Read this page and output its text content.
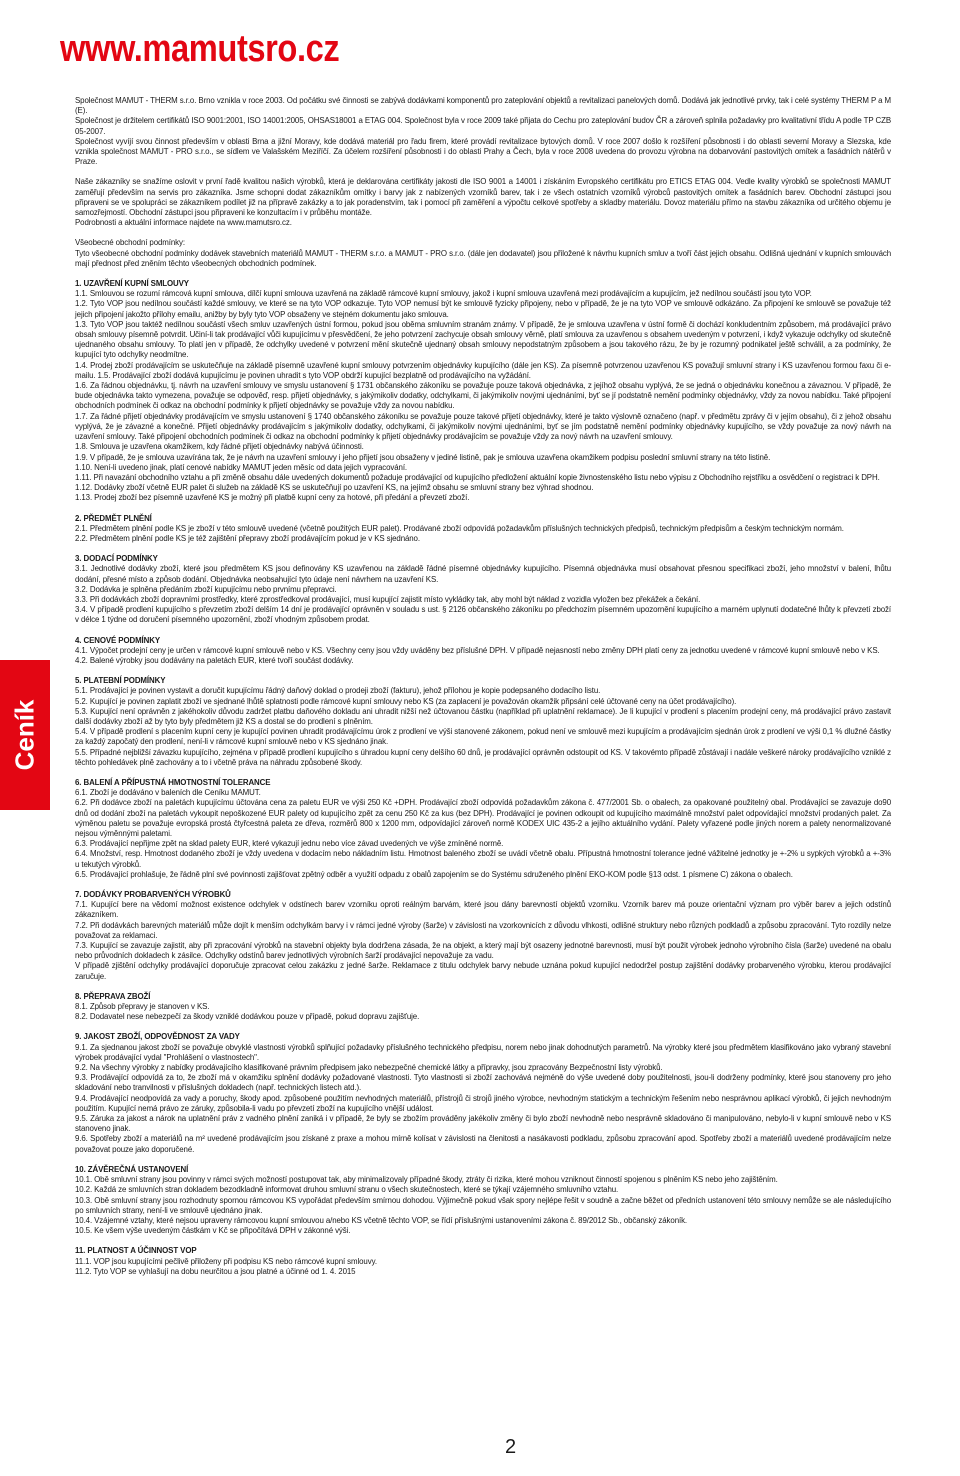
www.mamutsro.cz
Ceník

Společnost MAMUT - THERM s.r.o. Brno vznikla v roce 2003. Od počátku své činnosti se zabývá dodávkami komponentů pro zateplování objektů a revitalizaci panelových domů. Dodává jak jednotlivé prvky, tak i celé systémy THERM P a M (E).

Společnost je držitelem certifikátů ISO 9001:2001, ISO 14001:2005, OHSAS18001 a ETAG 004. Společnost byla v roce 2009 také přijata do Cechu pro zateplování budov ČR a zároveň splnila požadavky pro kvalitativní třídu A podle TP CZB 05-2007.

Společnost vyvíjí svou činnost především v oblasti Brna a jižní Moravy, kde dodává materiál pro řadu firem, které provádí revitalizace bytových domů. V roce 2007 došlo k rozšíření působnosti i do oblasti severní Moravy a Slezska, kde vznikla společnost MAMUT - PRO s.r.o., se sídlem ve Valašském Meziříčí. Za účelem rozšíření působnosti i do oblasti Prahy a Čech, byla v roce 2008 uvedena do provozu výrobna na dobarvování pastovitých omítek a fasádních nátěrů v Praze.

Naše zákazníky se snažíme oslovit v první řadě kvalitou našich výrobků, která je deklarována certifikáty jakosti dle ISO 9001 a 14001 i získáním Evropského certifikátu pro ETICS ETAG 004. Vedle kvality výrobků se společnosti MAMUT zaměřují především na servis pro zákazníka. Jsme schopni dodat zákazníkům omítky i barvy jak z nabízených vzorníků barev, tak i ze všech ostatních vzorníků výrobců pastovitých omítek a fasádních barev. Obchodní zástupci jsou připraveni se ve spolupráci se zákazníkem podílet již na přípravě zakázky a to jak poradenstvím, tak i pomocí při zaměření a výpočtu celkové spotřeby a skladby materiálu. Dovoz materiálu přímo na stavbu zákazníka od určitého objemu je samozřejmostí. Obchodní zástupci jsou připraveni ke konzultacím i v průběhu montáže.

Podrobnosti a aktuální informace najdete na www.mamutsro.cz.

Všeobecné obchodní podmínky:

Tyto všeobecné obchodní podmínky dodávek stavebních materiálů MAMUT - THERM s.r.o. a MAMUT - PRO s.r.o. (dále jen dodavatel) jsou přiložené k návrhu kupních smluv a tvoří část jejich obsahu. Odlišná ujednání v kupních smlouvách mají přednost před zněním těchto všeobecných obchodních podmínek.

1. UZAVŘENÍ KUPNÍ SMLOUVY

1.1. Smlouvou se rozumí rámcová kupní smlouva, dílčí kupní smlouva uzavřená na základě rámcové kupní smlouvy, jakož i kupní smlouva uzavřená mezi prodávajícím a kupujícím, jež nedílnou součástí jsou tyto VOP.

1.2. Tyto VOP jsou nedílnou součástí každé smlouvy, ve které se na tyto VOP odkazuje. Tyto VOP nemusí být ke smlouvě fyzicky připojeny, nebo v případě, že je na tyto VOP ve smlouvě odkázáno. Za připojení ke smlouvě se považuje též jejich připojení jakožto přílohy emailu, anižby by byly tyto VOP obsaženy ve stejném dokumentu jako smlouva.

1.3. Tyto VOP jsou taktéž nedílnou součástí všech smluv uzavřených ústní formou, pokud jsou oběma smluvním stranám známy. V případě, že je smlouva uzavřena v ústní formě či dochází konkludentním způsobem, má prodávající právo obsah smlouvy písemně potvrdit. Učiní-li tak prodávající vůči kupujícímu v přesvědčení, že jeho potvrzení zachycuje obsah smlouvy věrně, platí smlouva za uzavřenou s obsahem uvedeným v potvrzení, i když vykazuje odchylky od skutečně ujednaného obsahu smlouvy. To platí jen v případě, že odchylky uvedené v potvrzení mění skutečně ujednaný obsah smlouvy nepodstatným způsobem a jsou takového rázu, že by je rozumný podnikatel ještě schválil, a za podmínky, že kupující tyto odchylky neodmítne.

1.4. Prodej zboží prodávajícím se uskutečňuje na základě písemně uzavřené kupní smlouvy potvrzením objednávky kupujícího (dále jen KS). Za písemně potvrzenou uzavřenou KS považují smluvní strany i KS uzavřenou formou faxu či e-mailu. 1.5. Prodávající zboží dodává kupujícímu je povinen uhradit s tyto VOP obdrží kupující bezplatně od prodávajícího na vyžádání.

1.6. Za řádnou objednávku, tj. návrh na uzavření smlouvy ve smyslu ustanovení § 1731 občanského zákoníku se považuje pouze taková objednávka, z jejíhož obsahu vyplývá, že se jedná o objednávku konečnou a závaznou. V případě, že bude objednávka takto vymezena, považuje se odpověď, resp. přijetí objednávky, s jakýmikoliv dodatky, odchylkami, či jakýmikoliv novými ujednáními, byť se jí podstatně nemění podmínky objednávky, vždy za novou nabídku. Také připojení obchodních podmínek či odkaz na obchodní podmínky k přijetí objednávky se považuje vždy za novou nabídku.

1.7. Za řádné přijetí objednávky prodávajícím ve smyslu ustanovení § 1740 občanského zákoníku se považuje pouze takové přijetí objednávky, které je takto výslovně označeno (např. v předmětu zprávy či v jejím obsahu), či z jehož obsahu vyplývá, že je závazné a konečné. Přijetí objednávky prodávajícím s jakýmikoliv dodatky, odchylkami, či jakýmikoliv novými ujednáními, byť se jím podstatně nemění podmínky objednávky kupujícího, se vždy považuje za nový návrh na uzavření smlouvy. Také připojení obchodních podmínek či odkaz na obchodní podmínky k přijetí objednávky prodávajícím se považuje vždy za nový návrh na uzavření smlouvy.

1.8. Smlouva je uzavřena okamžikem, kdy řádné přijetí objednávky nabývá účinnosti.

1.9. V případě, že je smlouva uzavírána tak, že je návrh na uzavření smlouvy i jeho přijetí jsou obsaženy v jediné listině, pak je smlouva uzavřena okamžikem podpisu poslední smluvní strany na této listině.

1.10. Není-li uvedeno jinak, platí cenové nabídky MAMUT jeden měsíc od data jejich vypracování.

1.11. Při navazání obchodního vztahu a při změně obsahu dále uvedených dokumentů požaduje prodávající od kupujícího předložení aktuální kopie živnostenského listu nebo výpisu z Obchodního rejstříku a osvědčení o registraci k DPH.

1.12. Dodávky zboží včetně EUR palet či služeb na základě KS se uskutečňují po uzavření KS, na jejímž obsahu se smluvní strany bez výhrad shodnou.

1.13. Prodej zboží bez písemně uzavřené KS je možný při platbě kupní ceny za hotové, při předání a převzetí zboží.

2. PŘEDMĚT PLNĚNÍ

2.1. Předmětem plnění podle KS je zboží v této smlouvě uvedené (včetně použitých EUR palet). Prodávané zboží odpovídá požadavkům příslušných technických předpisů, technickým předpisům a českým technickým normám.

2.2. Předmětem plnění podle KS je též zajištění přepravy zboží prodávajícím pokud je v KS sjednáno.

3. DODACÍ PODMÍNKY

3.1. Jednotlivé dodávky zboží, které jsou předmětem KS jsou definovány KS uzavřenou na základě řádné písemné objednávky kupujícího. Písemná objednávka musí obsahovat přesnou specifikaci zboží, jeho množství v balení, lhůtu dodání, přesné místo a způsob dodání. Objednávka neobsahující tyto údaje není návrhem na uzavření KS.

3.2. Dodávka je splněna předáním zboží kupujícímu nebo prvnímu přepravci.

3.3. Při dodávkách zboží dopravními prostředky, které zprostředkoval prodávající, musí kupující zajistit místo vykládky tak, aby mohl být náklad z vozidla vyložen bez překážek a čekání.

3.4. V případě prodlení kupujícího s převzetím zboží delším 14 dní je prodávající oprávněn v souladu s ust. § 2126 občanského zákoníku po předchozím písemném upozornění kupujícího a marném uplynutí dodatečné lhůty k převzetí zboží v délce 1 týdne od doručení písemného upozornění, zboží vhodným způsobem prodat.

4. CENOVÉ PODMÍNKY

4.1. Výpočet prodejní ceny je určen v rámcové kupní smlouvě nebo v KS. Všechny ceny jsou vždy uváděny bez příslušné DPH. V případě nejasností nebo změny DPH platí ceny za jednotku uvedené v rámcové kupní smlouvě nebo v KS.

4.2. Balené výrobky jsou dodávány na paletách EUR, které tvoří součást dodávky.

5. PLATEBNÍ PODMÍNKY

5.1. Prodávající je povinen vystavit a doručit kupujícímu řádný daňový doklad o prodeji zboží (fakturu), jehož přílohou je kopie podepsaného dodacího listu.

5.2. Kupující je povinen zaplatit zboží ve sjednané lhůtě splatnosti podle rámcové kupní smlouvy nebo KS (za zaplacení je považován okamžik připsání celé účtované ceny na účet prodávajícího).

5.3. Kupující není oprávněn z jakéhokoliv důvodu zadržet platbu daňového dokladu ani uhradit nižší než účtovanou částku (například při uplatnění reklamace). Je li kupující v prodlení s placením prodejní ceny, má prodávající právo zastavit další dodávky zboží až by tyto byly předmětem již KS a dostal se do prodlení s plněním.

5.4. V případě prodlení s placením kupní ceny je kupující povinen uhradit prodávajícímu úrok z prodlení ve výši stanovené zákonem, pokud není ve smlouvě mezi kupujícím a prodávajícím sjednán úrok z prodlení ve výši 0,1 % dlužné částky za každý započatý den prodlení, není-li v rámcové kupní smlouvě nebo v KS sjednáno jinak.

5.5. Případné nejbližší závazku kupujícího, zejména v případě prodlení kupujícího s úhradou kupní ceny delšího 60 dnů, je prodávající oprávněn odstoupit od KS. V takovémto případě zůstávají i nadále veškeré nároky prodávajícího vzniklé z těchto pohledávek plně zachovány a to i včetně práva na náhradu způsobené škody.

6. BALENÍ A PŘÍPUSTNÁ HMOTNOSTNÍ TOLERANCE

6.1. Zboží je dodáváno v baleních dle Ceníku MAMUT.

6.2. Při dodávce zboží na paletách kupujícímu účtována cena za paletu EUR ve výši 250 Kč +DPH. Prodávající zboží odpovídá požadavkům zákona č. 477/2001 Sb. o obalech, za opakované použitelný obal. Prodávající se zavazuje do90 dnů od dodání zboží na paletách vykoupit nepoškozené EUR palety od kupujícího zpět za cenu 250 Kč za kus (bez DPH). Prodávající je povinen odkoupit od kupujícího maximálně množství palet odpovídající množství prodaných palet. Za výměnou paletu se považuje evropská prostá čtyřcestná paleta ze dřeva, rozměrů 800 x 1200 mm, odpovídající zároveň normě KODEX UIC 435-2 a jejího aktuálního vydání. Palety vyřazené podle jiných norem a palety nenormalizované nejsou výměnnými paletami.

6.3. Prodávající nepřijme zpět na sklad palety EUR, které vykazují jednu nebo více závad uvedených ve výše zmíněné normě.

6.4. Množství, resp. Hmotnost dodaného zboží je vždy uvedena v dodacím nebo nákladním listu. Hmotnost baleného zboží se uvádí včetně obalu. Přípustná hmotnostní tolerance jedné vážitelné jednotky je +-2% u sypkých výrobků a +-3% u tekutých výrobků.

6.5. Prodávající prohlašuje, že řádně plní své povinnosti zajišťovat zpětný odběr a využití odpadu z obalů zapojením se do Systému sdruženého plnění EKO-KOM podle §13 odst. 1 písmene C) zákona o obalech.

7. DODÁVKY PROBARVENÝCH VÝROBKŮ

7.1. Kupující bere na vědomí možnost existence odchylek v odstínech barev vzorníku oproti reálným barvám, které jsou dány barevností objektů vzorníku. Vzorník barev má pouze orientační význam pro výběr barev a jejich odstínů zákazníkem.

7.2. Při dodávkách barevných materiálů může dojít k menším odchylkám barvy i v rámci jedné výroby (šarže) v závislosti na vzorkovnicích z důvodu vlhkosti, odlišné struktury nebo různých podkladů a způsobu zpracování. Tyto rozdíly nelze považovat za reklamaci.

7.3. Kupující se zavazuje zajistit, aby při zpracování výrobků na stavební objekty byla dodržena zásada, že na objekt, a který mají být osazeny jednotné barevnosti, musí být použit výrobek jednoho výrobního čísla (šarže) uvedené na obalu nebo průvodních dokladech k zásilce. Odchylky odstínů barev jednotlivých výrobních šarží prodávající nepovažuje za vadu.

V případě zjištění odchylky prodávající doporučuje zpracovat celou zakázku z jedné šarže. Reklamace z titulu odchylek barvy nebude uznána pokud kupující nedodržel postup zajištění dodávky probarveného výrobku, kterou prodávající zaručuje.

8. PŘEPRAVA ZBOŽÍ

8.1. Způsob přepravy je stanoven v KS.

8.2. Dodavatel nese nebezpečí za škody vzniklé dodávkou pouze v případě, pokud dopravu zajišťuje.

9. JAKOST ZBOŽÍ, ODPOVĚDNOST ZA VADY

9.1. Za sjednanou jakost zboží se považuje obvyklé vlastnosti výrobků splňující požadavky příslušného technického předpisu, norem nebo jinak dohodnutých parametrů. Na výrobky které jsou předmětem klasifikováno jako vybraný stavební výrobek prodávající vydal "Prohlášení o vlastnostech".

9.2. Na všechny výrobky z nabídky prodávajícího klasifikované právním předpisem jako nebezpečné chemické látky a přípravky, jsou zpracovány Bezpečnostní listy výrobků.

9.3. Prodávající odpovídá za to, že zboží má v okamžiku splnění dodávky požadované vlastnosti. Tyto vlastnosti si zboží zachovává nejméně do výše uvedené doby použitelnosti, jsou-li dodrženy podmínky, které jsou stanoveny pro jeho skladování nebo tranvilnosti v příslušných dokladech (např. technických listech atd.).

9.4. Prodávající neodpovídá za vady a poruchy, škody apod. způsobené použitím nevhodných materiálů, přístrojů či strojů jiného výrobce, nevhodným statickým a technickým řešením nebo nesprávnou aplikací výrobků, či jejich nevhodným použitím. Kupující nemá právo ze záruky, způsobila-li vadu po převzetí zboží na kupujícího vnější událost.

9.5. Záruka za jakost a nárok na uplatnění práv z vadného plnění zaniká i v případě, že byly se zbožím prováděny jakékoliv změny či bylo zboží nevhodně nebo nesprávně skladováno či manipulováno, nebylo-li v kupní smlouvě nebo v KS stanoveno jinak.

9.6. Spotřeby zboží a materiálů na m² uvedené prodávajícím jsou získané z praxe a mohou mírně kolísat v závislosti na členitosti a nasákavosti podkladu, způsobu zpracování apod. Spotřeby zboží a materiálů uvedené prodávajícím nelze považovat pouze jako doporučené.

10. ZÁVĚREČNÁ USTANOVENÍ

10.1. Obě smluvní strany jsou povinny v rámci svých možností postupovat tak, aby minimalizovaly případné škody, ztráty či rizika, které mohou vzniknout činností spojenou s plněním KS nebo jeho zajištěním.

10.2. Každá ze smluvních stran dokladem bezodkladně informovat druhou smluvní stranu o všech skutečnostech, které se týkají vzájemného smluvního vztahu.

10.3. Obě smluvní strany jsou rozhodnuty spornou rámcovou KS vypořádat především smírnou dohodou. Výjimečně pokud však spory nejlépe řešit v soudně a začne běžet od předních ustanovení této smlouvy nemůže se ale následujícího po smluvních strany, není-li ve smlouvě ujednáno jinak.

10.4. Vzájemné vztahy, které nejsou upraveny rámcovou kupní smlouvou a/nebo KS včetně těchto VOP, se řídí příslušnými ustanoveními zákona č. 89/2012 Sb., občanský zákoník.

10.5. Ke všem výše uvedeným částkám v Kč se připočítává DPH v zákonné výši.

11. PLATNOST A ÚČINNOST VOP

11.1. VOP jsou kupujícími pečlivě přiloženy při podpisu KS nebo rámcové kupní smlouvy.

11.2. Tyto VOP se vyhlašují na dobu neurčitou a jsou platné a účinné od 1. 4. 2015

2
